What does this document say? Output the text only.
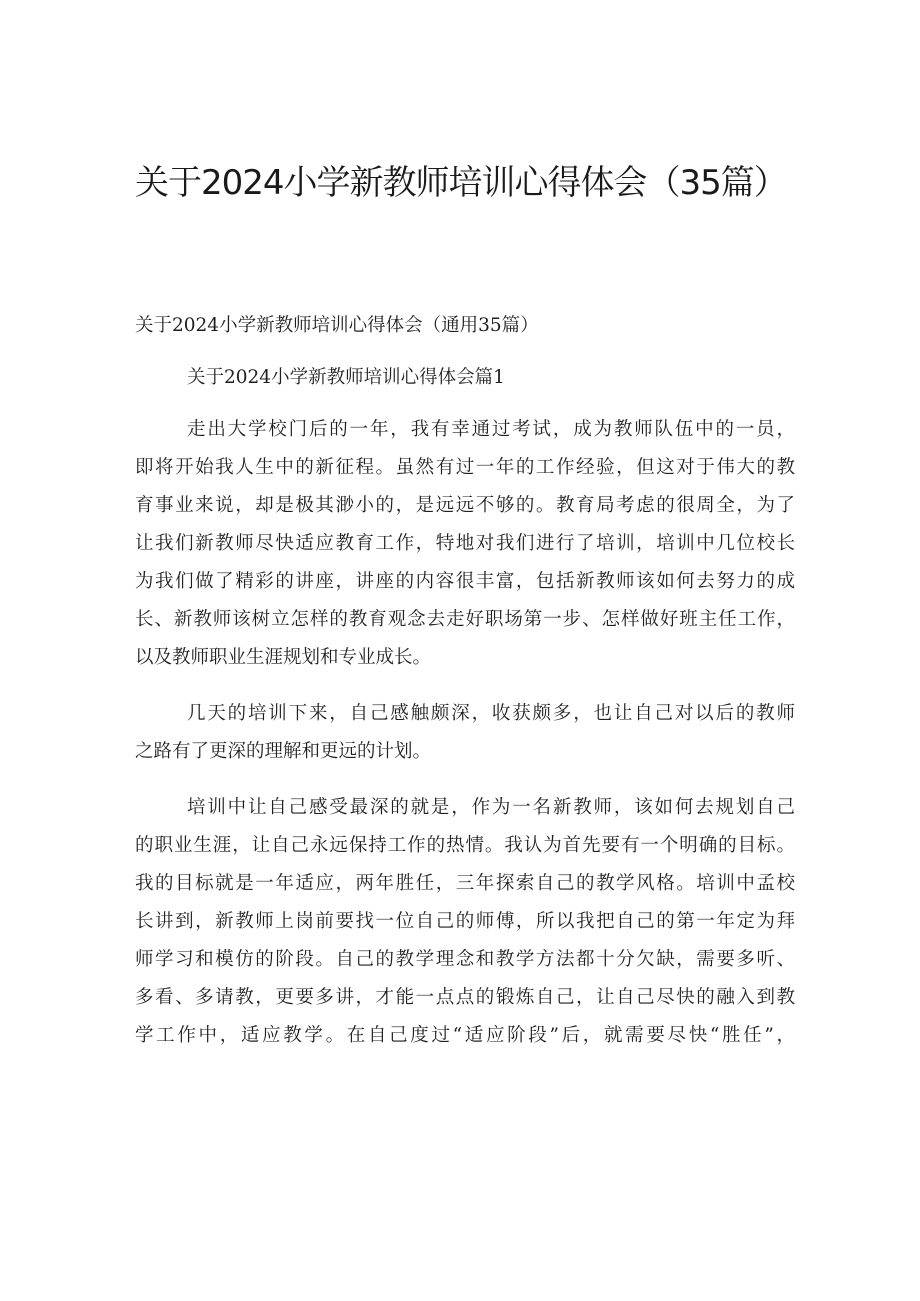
关于2024小学新教师培训心得体会（35篇）
关于2024小学新教师培训心得体会（通用35篇）
关于2024小学新教师培训心得体会篇1
走出大学校门后的一年，我有幸通过考试，成为教师队伍中的一员，
即将开始我人生中的新征程。虽然有过一年的工作经验，但这对于伟大的教
育事业来说，却是极其渺小的，是远远不够的。教育局考虑的很周全，为了
让我们新教师尽快适应教育工作，特地对我们进行了培训，培训中几位校长
为我们做了精彩的讲座，讲座的内容很丰富，包括新教师该如何去努力的成
长、新教师该树立怎样的教育观念去走好职场第一步、怎样做好班主任工作，
以及教师职业生涯规划和专业成长。
几天的培训下来，自己感触颇深，收获颇多，也让自己对以后的教师
之路有了更深的理解和更远的计划。
培训中让自己感受最深的就是，作为一名新教师，该如何去规划自己
的职业生涯，让自己永远保持工作的热情。我认为首先要有一个明确的目标。
我的目标就是一年适应，两年胜任，三年探索自己的教学风格。培训中孟校
长讲到，新教师上岗前要找一位自己的师傅，所以我把自己的第一年定为拜
师学习和模仿的阶段。自己的教学理念和教学方法都十分欠缺，需要多听、
多看、多请教，更要多讲，才能一点点的锻炼自己，让自己尽快的融入到教
学工作中，适应教学。在自己度过“适应阶段”后，就需要尽快“胜任”，
